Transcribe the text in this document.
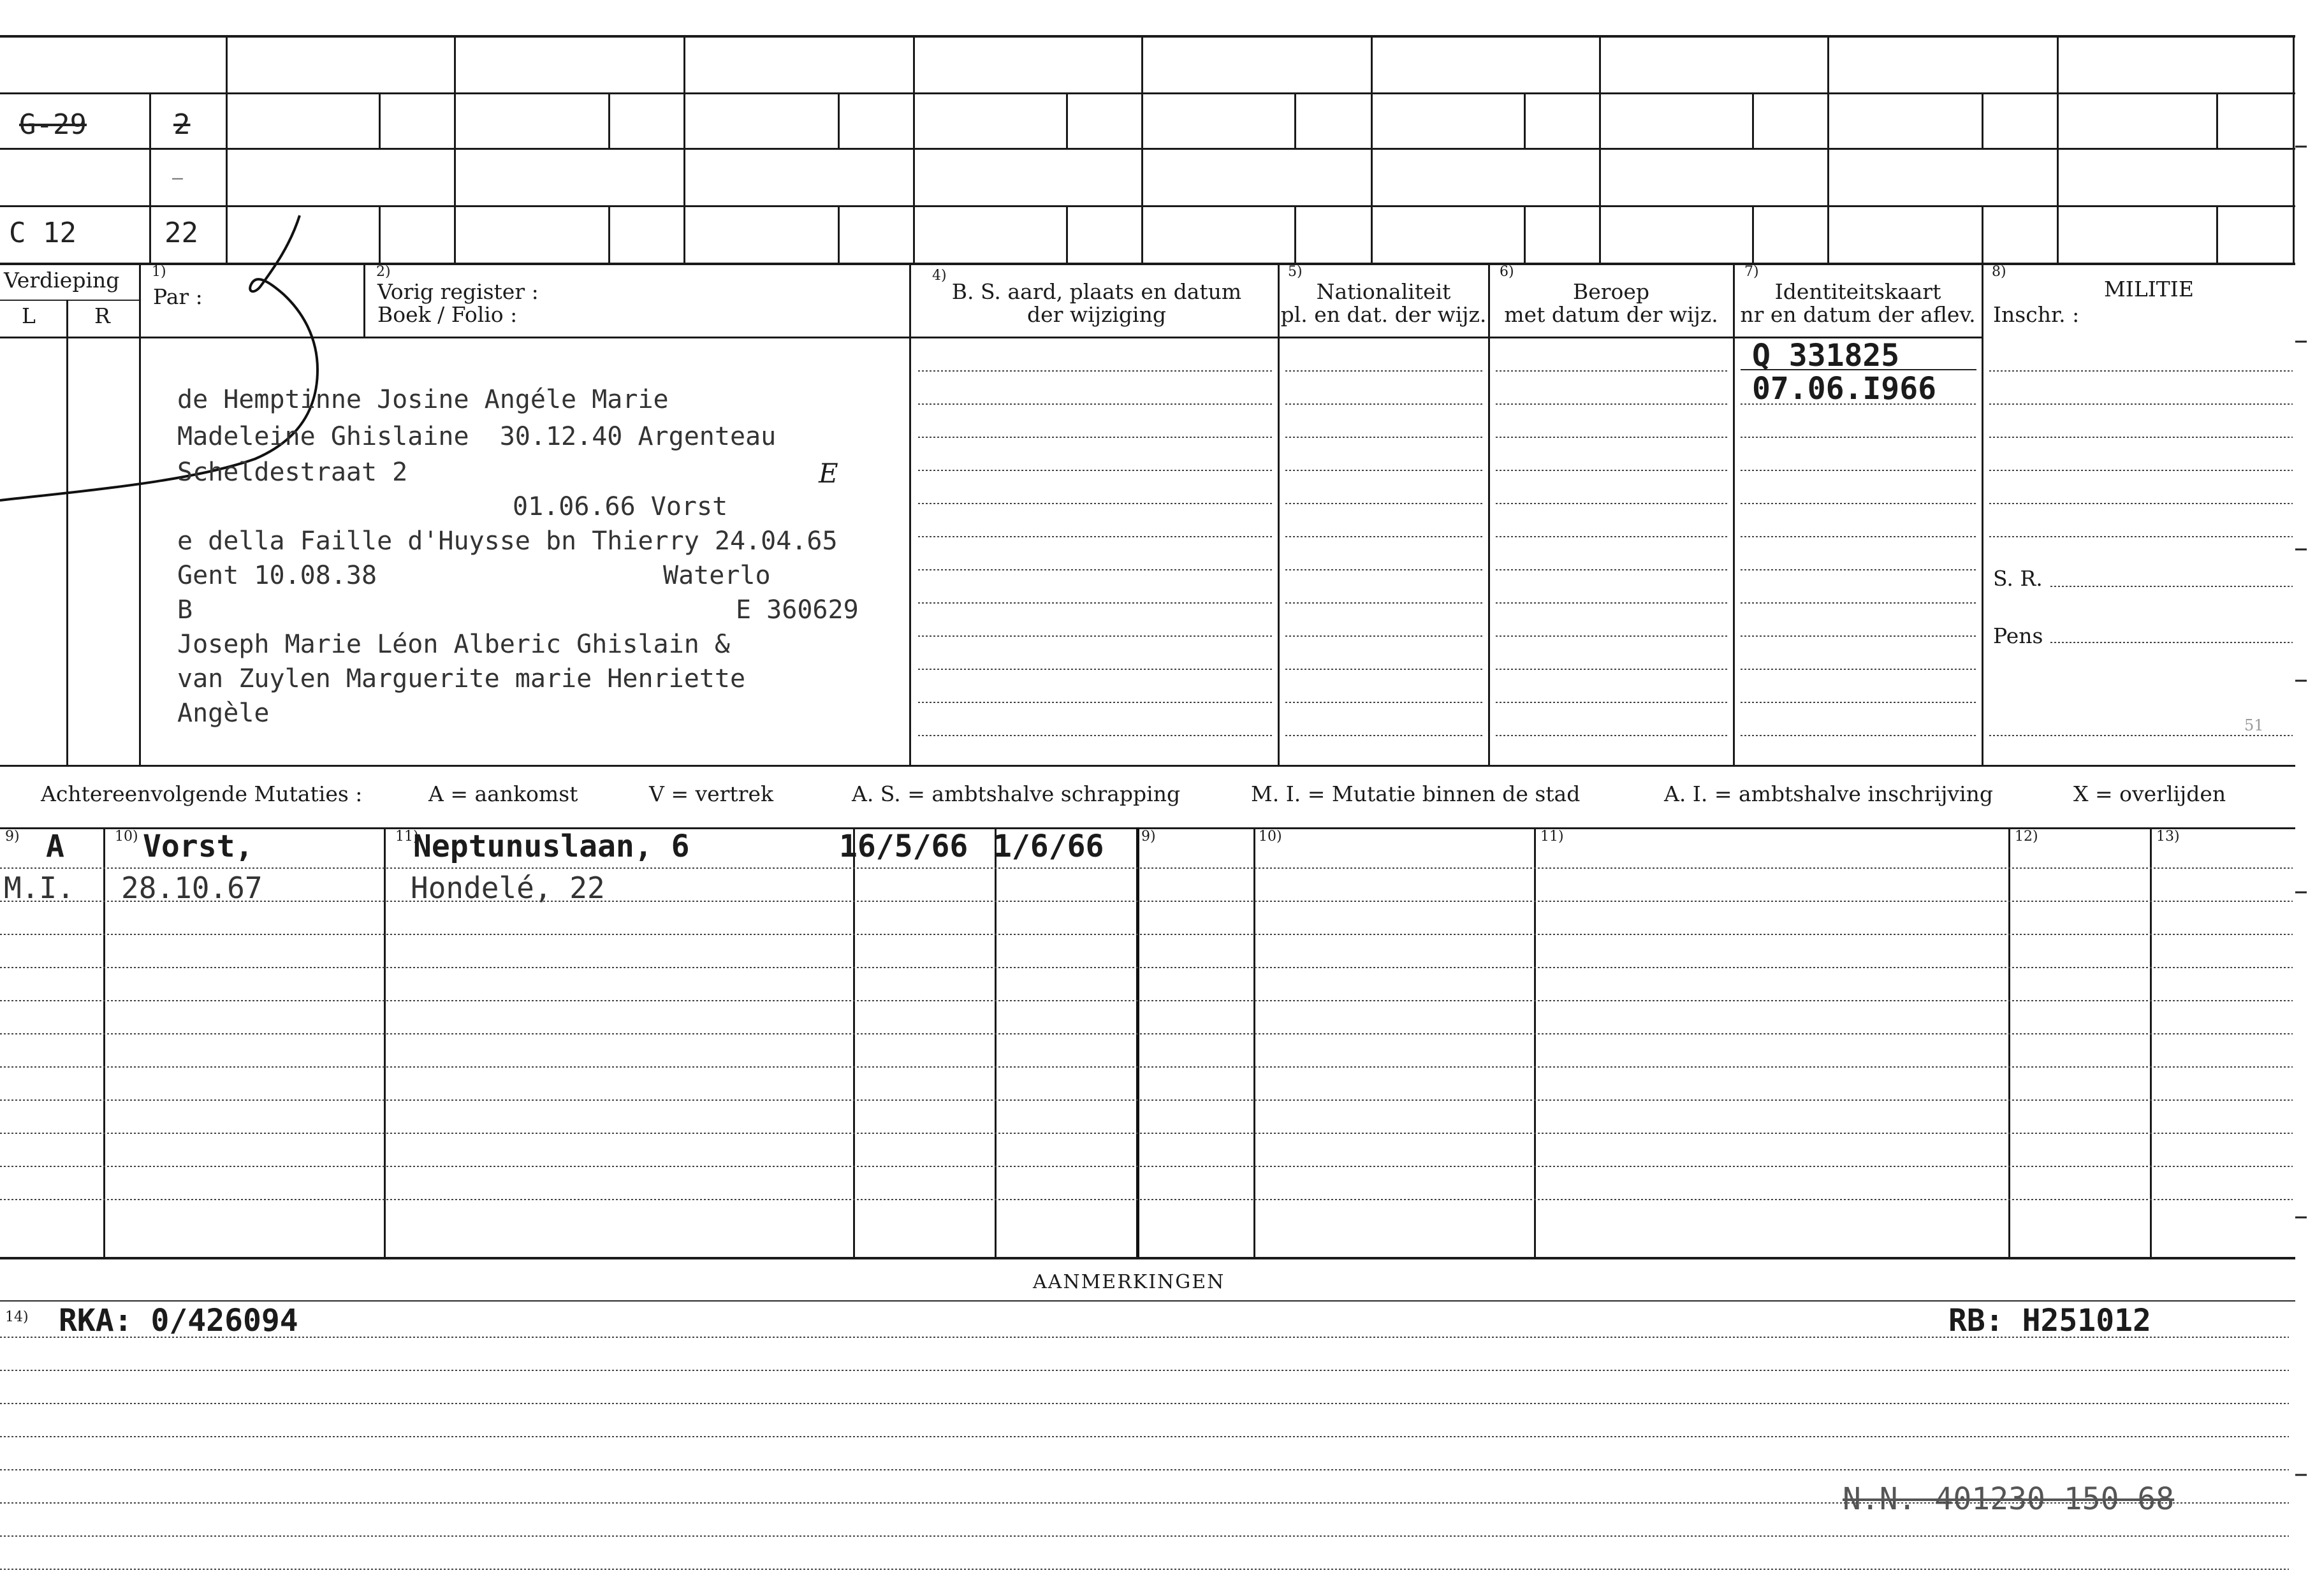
G-29	2
—
C 12	22
Verdieping
L	R
1)
Par :
2)
Vorig register :
Boek / Folio :
4)
B. S. aard, plaats en datum
der wijziging
5)
Nationaliteit
pl. en dat. der wijz.
6)
Beroep
met datum der wijz.
7)
Identiteitskaart
nr en datum der aflev.
8)
MILITIE
Inschr. :
de Hemptinne Josine Angéle Marie
Madeleine Ghislaine  30.12.40 Argenteau
Scheldestraat 2	E
01.06.66 Vorst
e della Faille d'Huysse bn Thierry 24.04.65
Gent 10.08.38	Waterlo
B	E 360629
Joseph Marie Léon Alberic Ghislain &
van Zuylen Marguerite marie Henriette
Angèle
Q 331825
07.06.I966
S. R.
Pens
51
Achtereenvolgende Mutaties :	A = aankomst	V = vertrek	A. S. = ambtshalve schrapping	M. I. = Mutatie binnen de stad	A. I. = ambtshalve inschrijving	X = overlijden
9)	10)	11)	9)	10)	11)	12)	13)
A	Vorst,	Neptunuslaan, 6	16/5/66 1/6/66
M.I. 28.10.67	Hondelé, 22
AANMERKINGEN
14) RKA: 0/426094	RB: H251012
N.N. 401230 150 68
